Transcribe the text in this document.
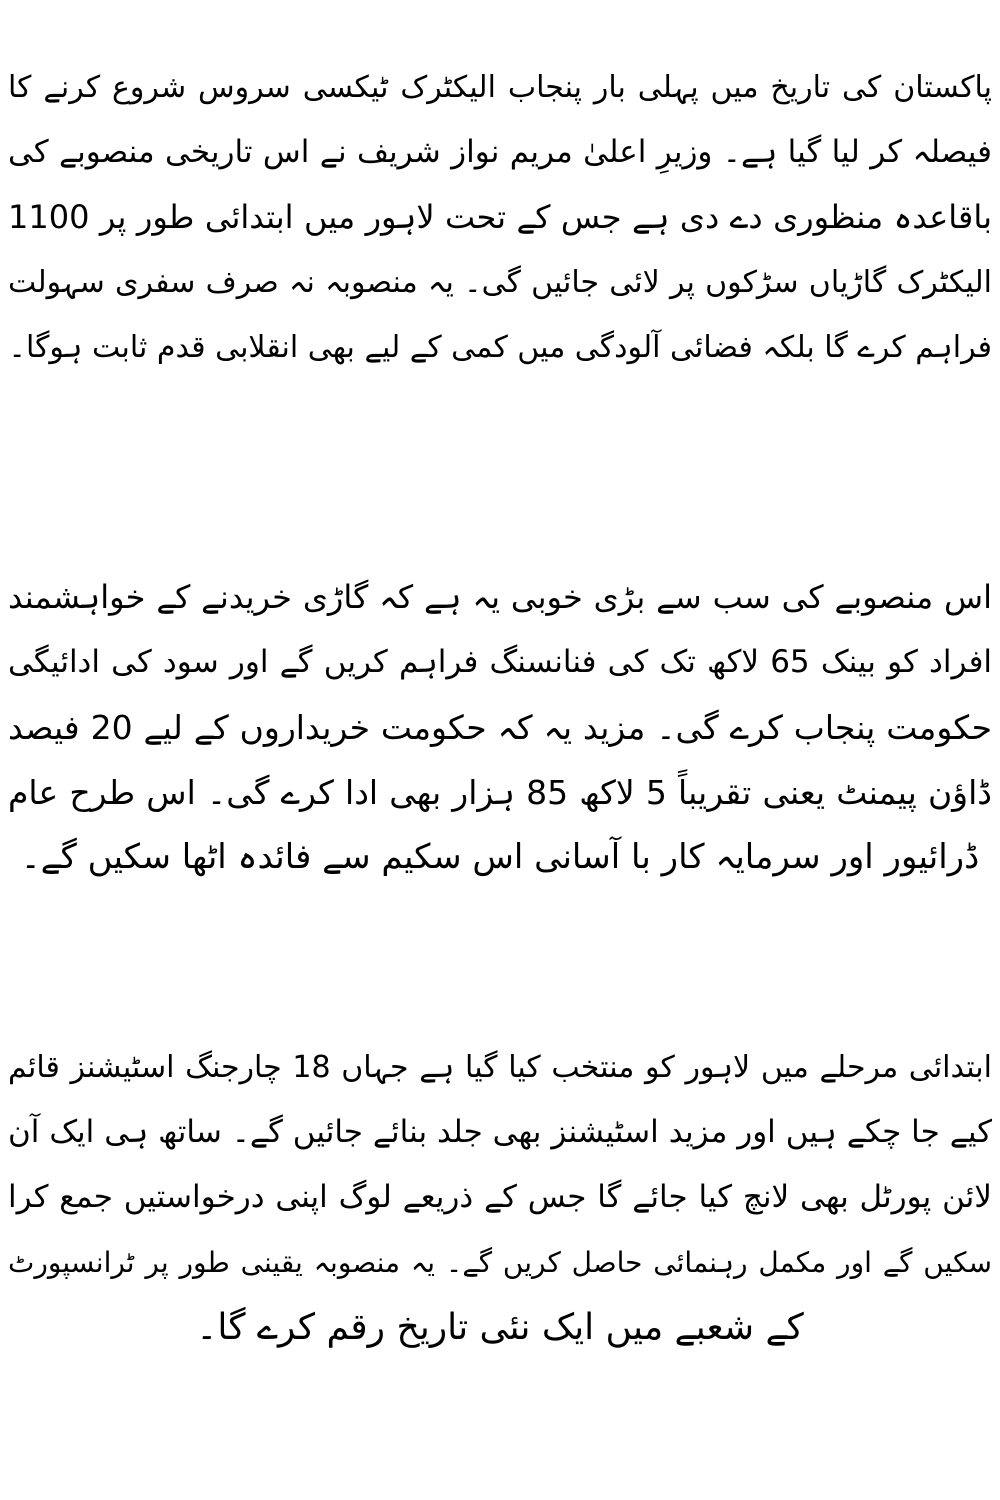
پاکستان کی تاریخ میں پہلی بار پنجاب الیکٹرک ٹیکسی سروس شروع کرنے کا
فیصلہ کر لیا گیا ہے۔ وزیرِ اعلیٰ مریم نواز شریف نے اس تاریخی منصوبے کی
باقاعدہ منظوری دے دی ہے جس کے تحت لاہور میں ابتدائی طور پر 1100
الیکٹرک گاڑیاں سڑکوں پر لائی جائیں گی۔ یہ منصوبہ نہ صرف سفری سہولت
فراہم کرے گا بلکہ فضائی آلودگی میں کمی کے لیے بھی انقلابی قدم ثابت ہوگا۔
اس منصوبے کی سب سے بڑی خوبی یہ ہے کہ گاڑی خریدنے کے خواہشمند
افراد کو بینک 65 لاکھ تک کی فنانسنگ فراہم کریں گے اور سود کی ادائیگی
حکومت پنجاب کرے گی۔ مزید یہ کہ حکومت خریداروں کے لیے 20 فیصد
ڈاؤن پیمنٹ یعنی تقریباً 5 لاکھ 85 ہزار بھی ادا کرے گی۔ اس طرح عام
ڈرائیور اور سرمایہ کار با آسانی اس سکیم سے فائدہ اٹھا سکیں گے۔
ابتدائی مرحلے میں لاہور کو منتخب کیا گیا ہے جہاں 18 چارجنگ اسٹیشنز قائم
کیے جا چکے ہیں اور مزید اسٹیشنز بھی جلد بنائے جائیں گے۔ ساتھ ہی ایک آن
لائن پورٹل بھی لانچ کیا جائے گا جس کے ذریعے لوگ اپنی درخواستیں جمع کرا
سکیں گے اور مکمل رہنمائی حاصل کریں گے۔ یہ منصوبہ یقینی طور پر ٹرانسپورٹ
کے شعبے میں ایک نئی تاریخ رقم کرے گا۔
